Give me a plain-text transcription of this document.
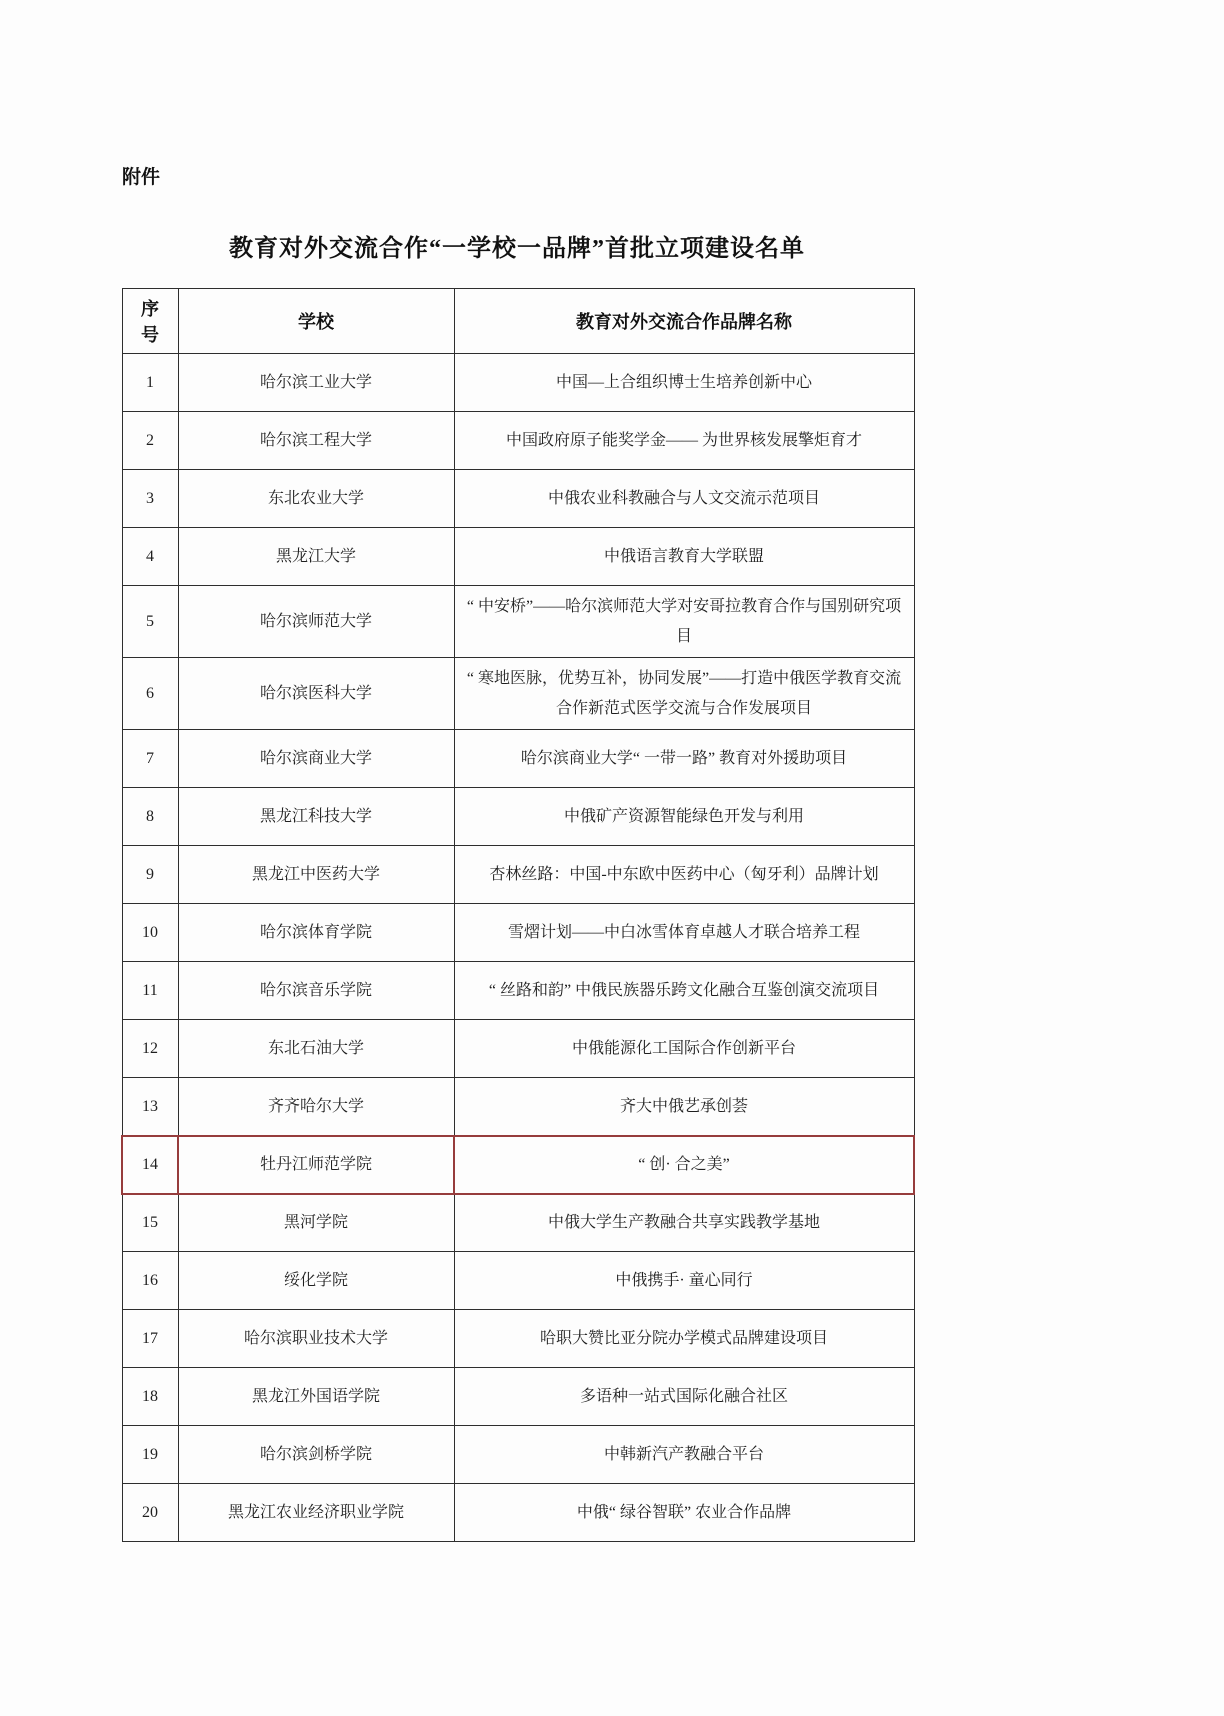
附件
教育对外交流合作“一学校一品牌”首批立项建设名单
序号	学校	教育对外交流合作品牌名称
1	哈尔滨工业大学	中国—上合组织博士生培养创新中心
2	哈尔滨工程大学	中国政府原子能奖学金—— 为世界核发展擎炬育才
3	东北农业大学	中俄农业科教融合与人文交流示范项目
4	黑龙江大学	中俄语言教育大学联盟
5	哈尔滨师范大学	“ 中安桥”——哈尔滨师范大学对安哥拉教育合作与国别研究项目
6	哈尔滨医科大学	“ 寒地医脉，优势互补，协同发展”——打造中俄医学教育交流合作新范式医学交流与合作发展项目
7	哈尔滨商业大学	哈尔滨商业大学“ 一带一路” 教育对外援助项目
8	黑龙江科技大学	中俄矿产资源智能绿色开发与利用
9	黑龙江中医药大学	杏林丝路：中国-中东欧中医药中心（匈牙利）品牌计划
10	哈尔滨体育学院	雪熠计划——中白冰雪体育卓越人才联合培养工程
11	哈尔滨音乐学院	“ 丝路和韵” 中俄民族器乐跨文化融合互鉴创演交流项目
12	东北石油大学	中俄能源化工国际合作创新平台
13	齐齐哈尔大学	齐大中俄艺承创荟
14	牡丹江师范学院	“ 创· 合之美”
15	黑河学院	中俄大学生产教融合共享实践教学基地
16	绥化学院	中俄携手· 童心同行
17	哈尔滨职业技术大学	哈职大赞比亚分院办学模式品牌建设项目
18	黑龙江外国语学院	多语种一站式国际化融合社区
19	哈尔滨剑桥学院	中韩新汽产教融合平台
20	黑龙江农业经济职业学院	中俄“ 绿谷智联” 农业合作品牌
